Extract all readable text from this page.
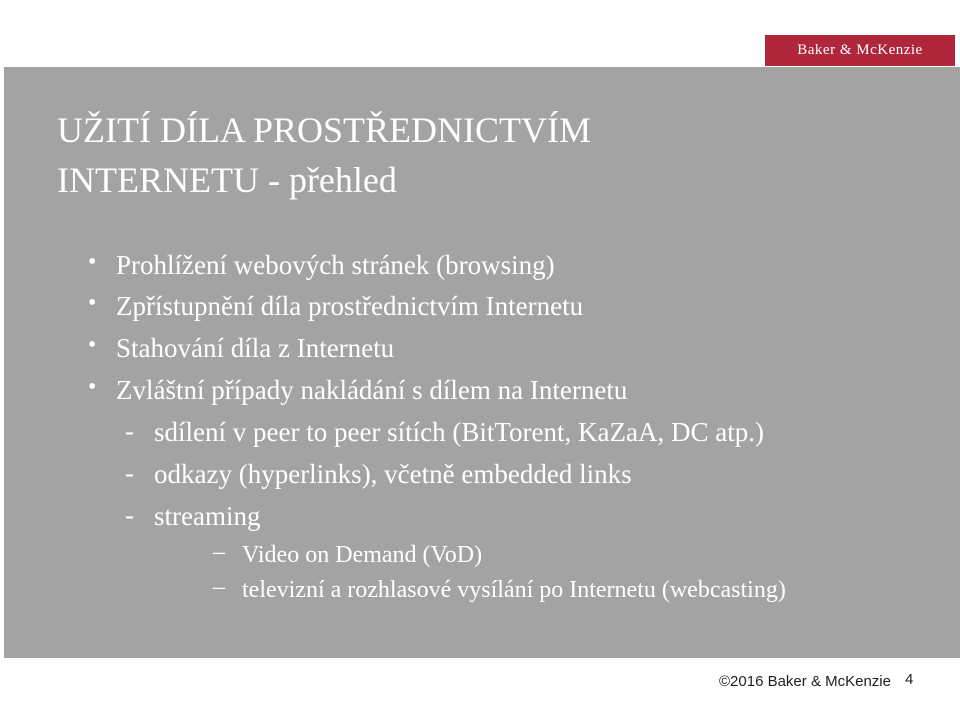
Baker & McKenzie
UŽITÍ DÍLA PROSTŘEDNICTVÍM
INTERNETU - přehled
• Prohlížení webových stránek (browsing)
• Zpřístupnění díla prostřednictvím Internetu
• Stahování díla z Internetu
• Zvláštní případy nakládání s dílem na Internetu
- sdílení v peer to peer sítích (BitTorent, KaZaA, DC atp.)
- odkazy (hyperlinks), včetně embedded links
- streaming
– Video on Demand (VoD)
– televizní a rozhlasové vysílání po Internetu (webcasting)
©2016 Baker & McKenzie 4
